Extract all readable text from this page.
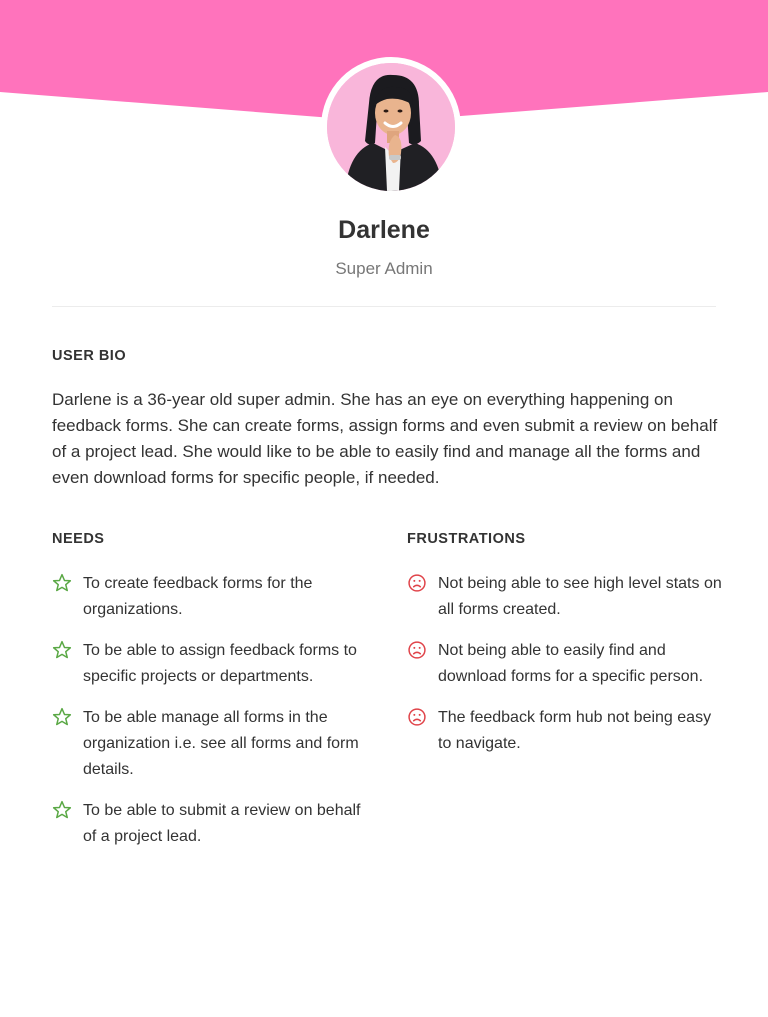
Darlene
Super Admin
USER BIO

Darlene is a 36-year old super admin. She has an eye on everything happening on feedback forms. She can create forms, assign forms and even submit a review on behalf of a project lead. She would like to be able to easily find and manage all the forms and even download forms for specific people, if needed.

NEEDS	FRUSTRATIONS
To create feedback forms for the organizations.
To be able to assign feedback forms to specific projects or departments.
To be able manage all forms in the organization i.e. see all forms and form details.
To be able to submit a review on behalf of a project lead.
Not being able to see high level stats on all forms created.
Not being able to easily find and download forms for a specific person.
The feedback form hub not being easy to navigate.
